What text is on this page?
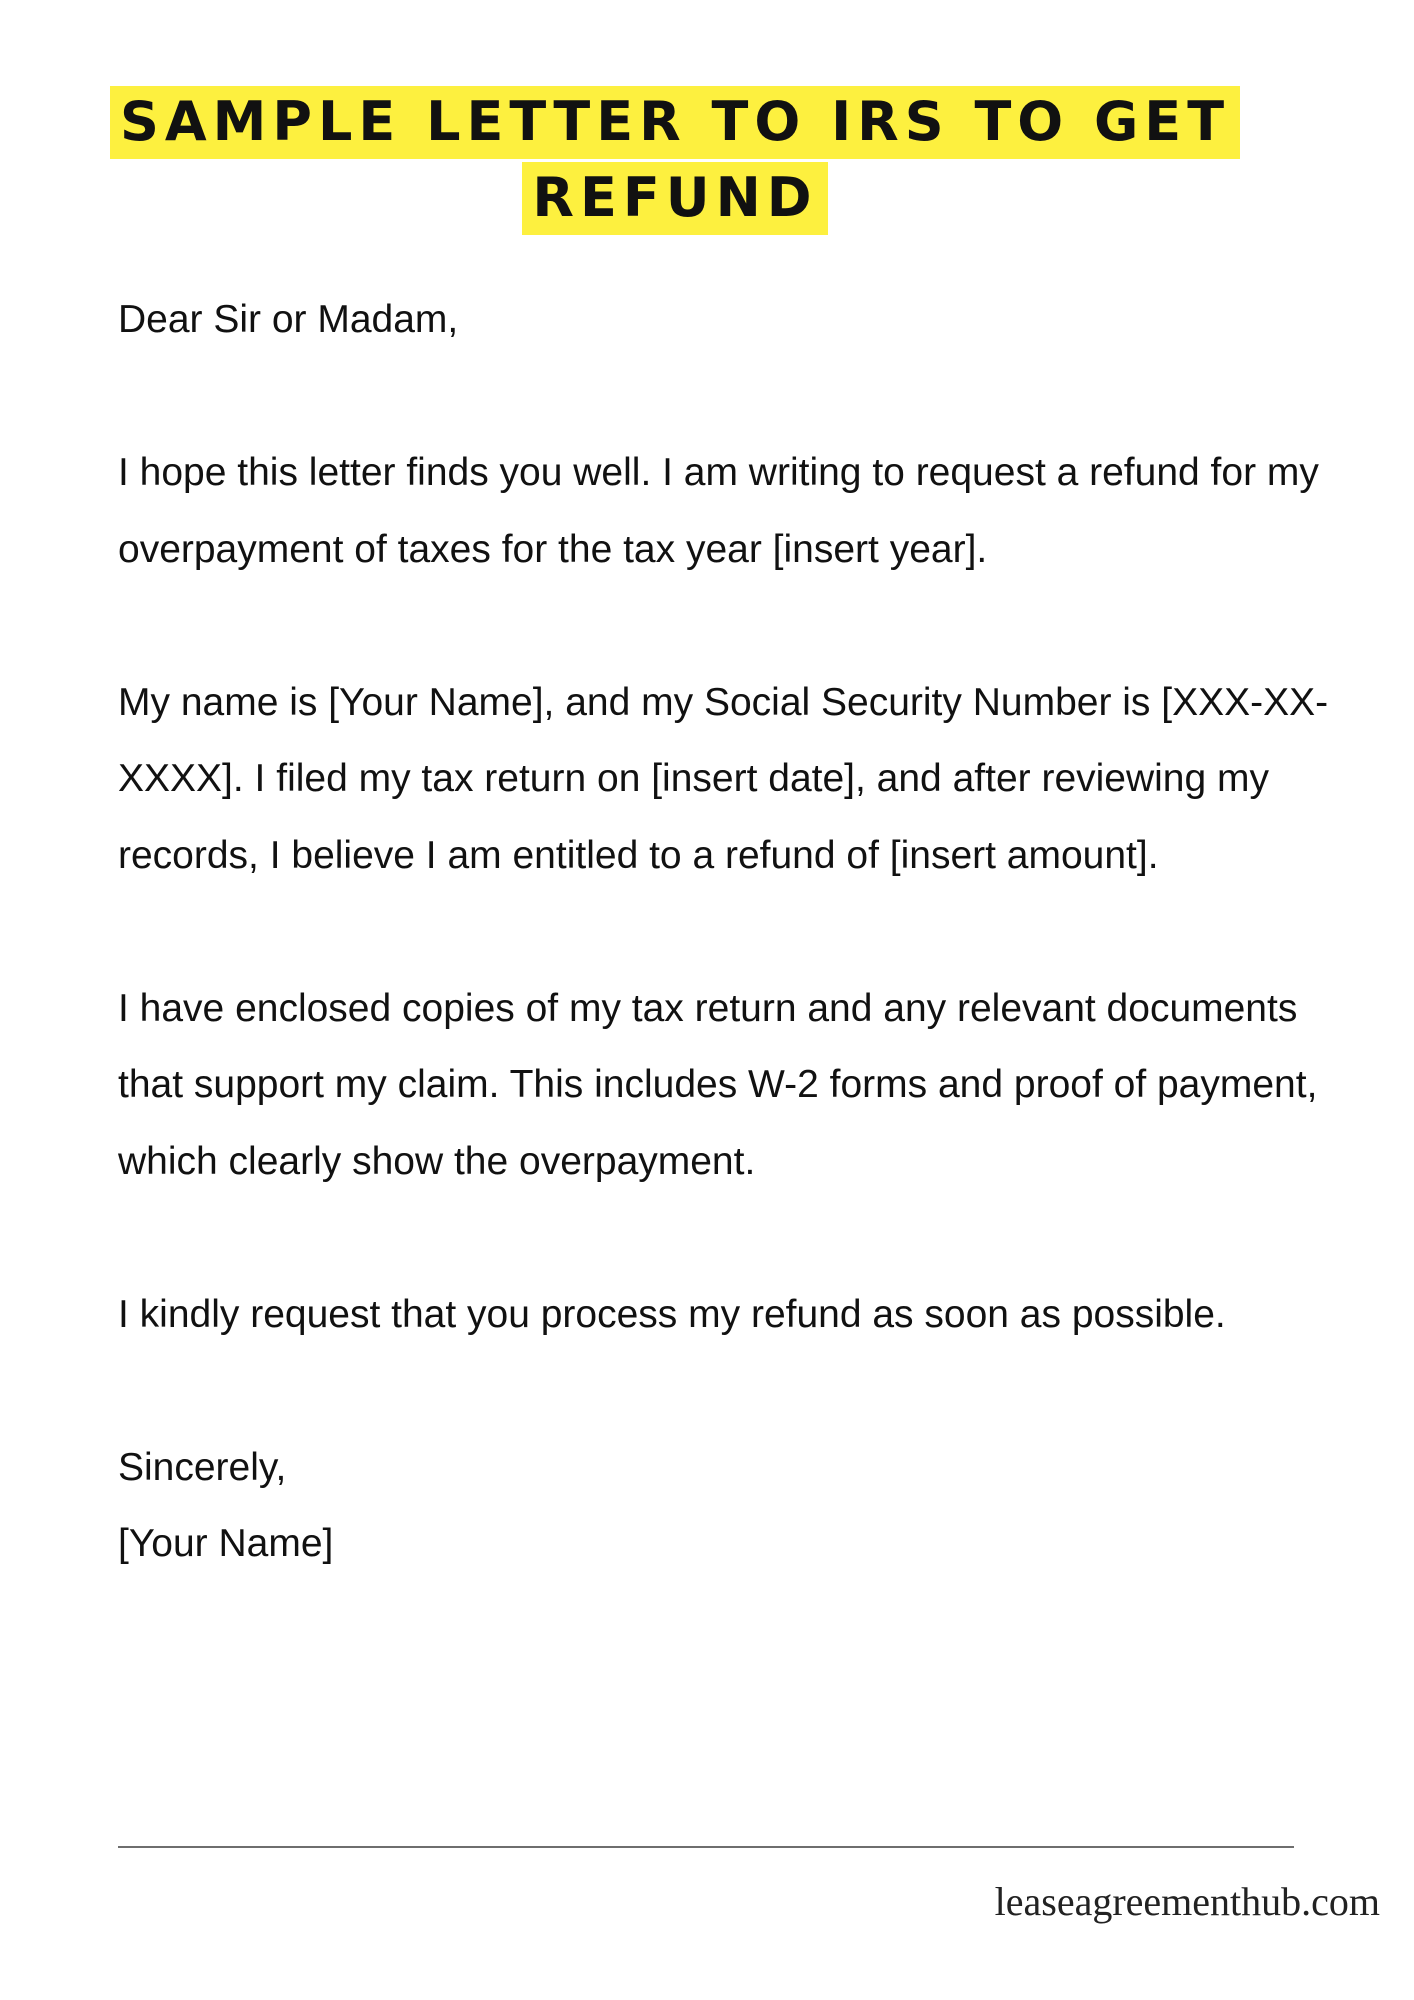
SAMPLE LETTER TO IRS TO GET REFUND

Dear Sir or Madam,

I hope this letter finds you well. I am writing to request a refund for my overpayment of taxes for the tax year [insert year].

My name is [Your Name], and my Social Security Number is [XXX-XX-XXXX]. I filed my tax return on [insert date], and after reviewing my records, I believe I am entitled to a refund of [insert amount].

I have enclosed copies of my tax return and any relevant documents that support my claim. This includes W-2 forms and proof of payment, which clearly show the overpayment.

I kindly request that you process my refund as soon as possible.

Sincerely,

[Your Name]

leaseagreementhub.com
